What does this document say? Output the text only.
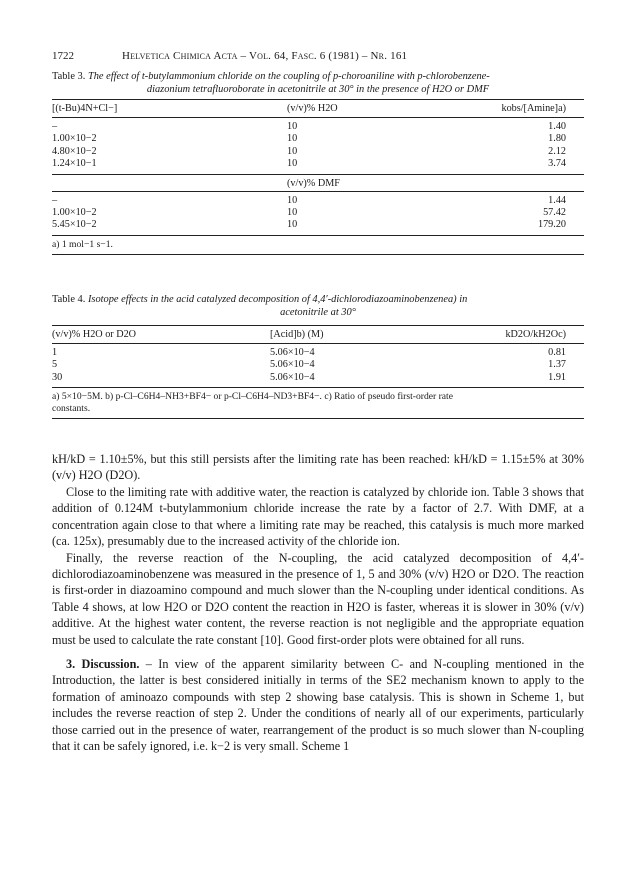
1722	Helvetica Chimica Acta – Vol. 64, Fasc. 6 (1981) – Nr. 161
Table 3. The effect of t-butylammonium chloride on the coupling of p-choroaniline with p-chlorobenzene-
diazonium tetrafluoroborate in acetonitrile at 30° in the presence of H2O or DMF
[(t-Bu)4N+Cl−]	(v/v)% H2O	kobs/[Amine]a)
–	10	1.40
1.00×10−2	10	1.80
4.80×10−2	10	2.12
1.24×10−1	10	3.74
	(v/v)% DMF	
–	10	1.44
1.00×10−2	10	57.42
5.45×10−2	10	179.20
a) 1 mol−1 s−1.
Table 4. Isotope effects in the acid catalyzed decomposition of 4,4′-dichlorodiazoaminobenzenea) in
acetonitrile at 30°
(v/v)% H2O or D2O	[Acid]b) (M)	kD2O/kH2Oc)
1	5.06×10−4	0.81
5	5.06×10−4	1.37
30	5.06×10−4	1.91
a) 5×10−5M. b) p-Cl–C6H4–NH3+BF4− or p-Cl–C6H4–ND3+BF4−. c) Ratio of pseudo first-order rate
constants.

kH/kD = 1.10±5%, but this still persists after the limiting rate has been reached: kH/kD = 1.15±5% at 30% (v/v) H2O (D2O).

Close to the limiting rate with additive water, the reaction is catalyzed by chloride ion. Table 3 shows that addition of 0.124M t-butylammonium chloride increase the rate by a factor of 2.7. With DMF, at a concentration again close to that where a limiting rate may be reached, this catalysis is much more marked (ca. 125x), presumably due to the increased activity of the chloride ion.

Finally, the reverse reaction of the N-coupling, the acid catalyzed decomposition of 4,4′-dichlorodiazoaminobenzene was measured in the presence of 1, 5 and 30% (v/v) H2O or D2O. The reaction is first-order in diazoamino compound and much slower than the N-coupling under identical conditions. As Table 4 shows, at low H2O or D2O content the reaction in H2O is faster, whereas it is slower in 30% (v/v) additive. At the highest water content, the reverse reaction is not negligible and the appropriate equation must be used to calculate the rate constant [10]. Good first-order plots were obtained for all runs.

3. Discussion. – In view of the apparent similarity between C- and N-coupling mentioned in the Introduction, the latter is best considered initially in terms of the SE2 mechanism known to apply to the formation of aminoazo compounds with step 2 showing base catalysis. This is shown in Scheme 1, but includes the reverse reaction of step 2. Under the conditions of nearly all of our experiments, particularly those carried out in the presence of water, rearrangement of the product is so much slower than N-coupling that it can be safely ignored, i.e. k−2 is very small. Scheme 1
